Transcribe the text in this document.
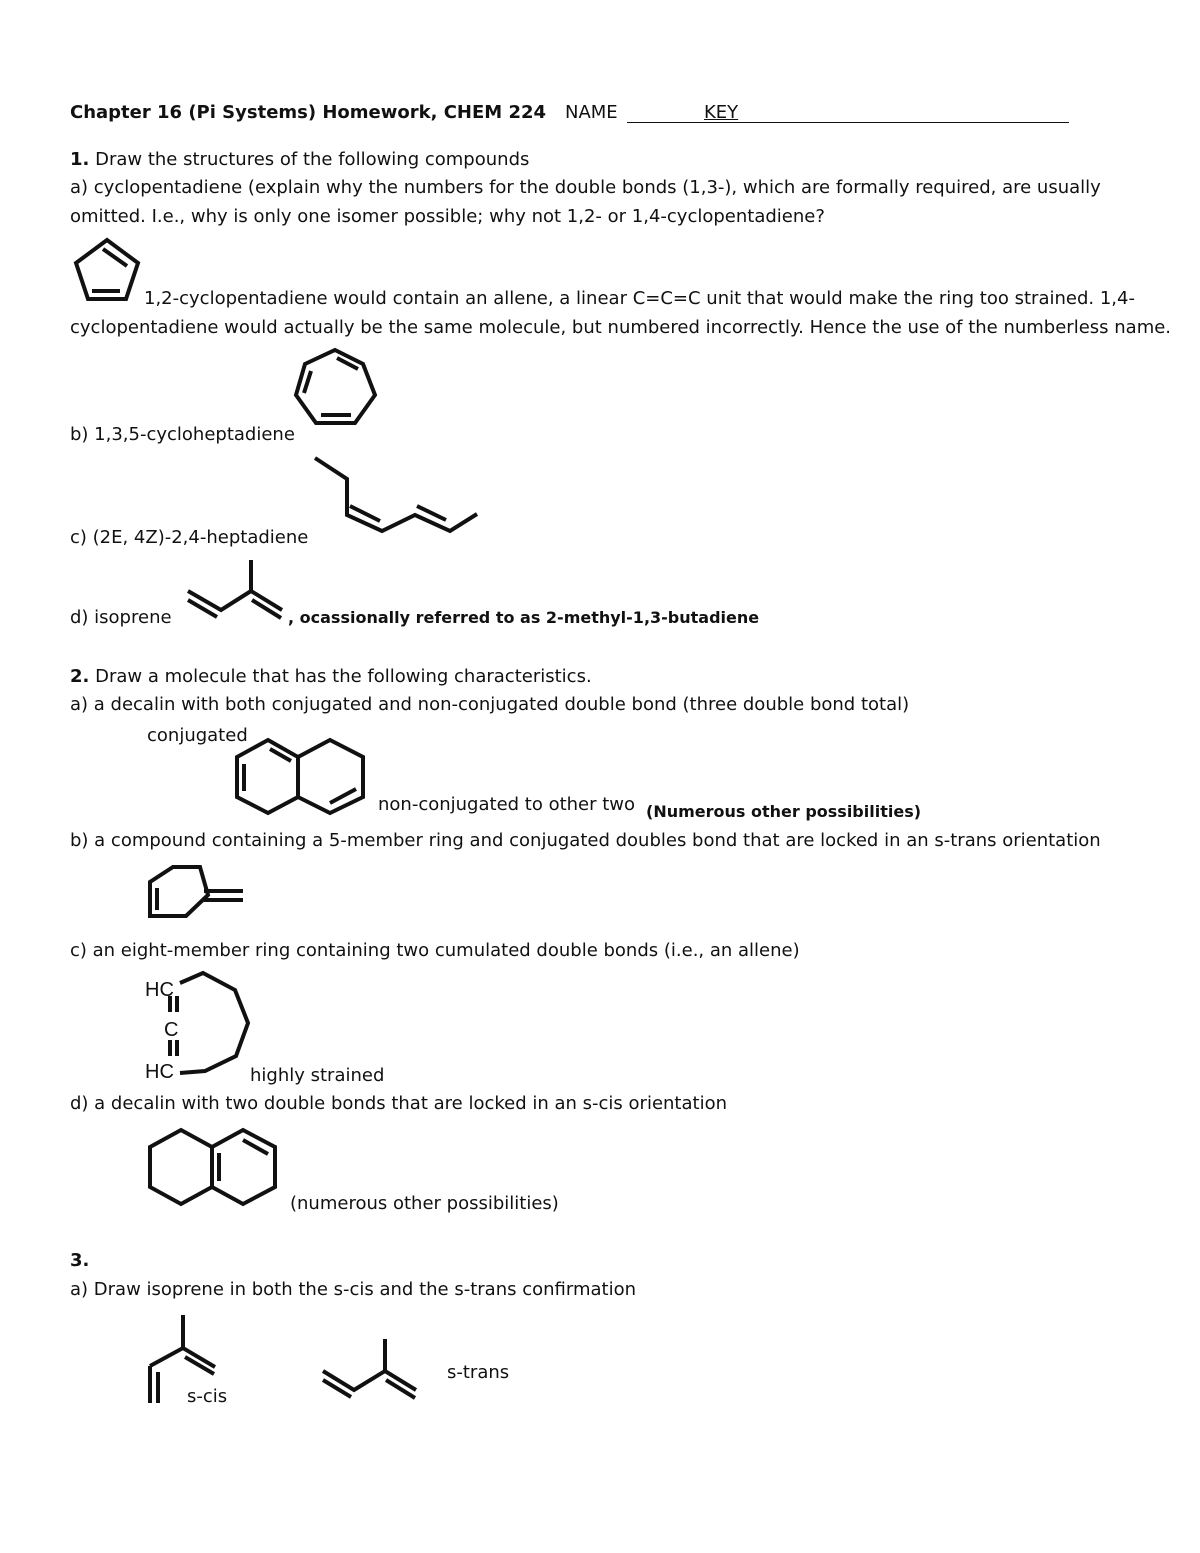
Chapter 16 (Pi Systems) Homework, CHEM 224 NAME	KEY
1. Draw the structures of the following compounds
a) cyclopentadiene (explain why the numbers for the double bonds (1,3-), which are formally required, are usually
omitted. I.e., why is only one isomer possible; why not 1,2- or 1,4-cyclopentadiene?
1,2-cyclopentadiene would contain an allene, a linear C=C=C unit that would make the ring too strained. 1,4-
cyclopentadiene would actually be the same molecule, but numbered incorrectly. Hence the use of the numberless name.
b) 1,3,5-cycloheptadiene
c) (2E, 4Z)-2,4-heptadiene
d) isoprene	, ocassionally referred to as 2-methyl-1,3-butadiene
2. Draw a molecule that has the following characteristics.
a) a decalin with both conjugated and non-conjugated double bond (three double bond total)
conjugated
non-conjugated to other two (Numerous other possibilities)
b) a compound containing a 5-member ring and conjugated doubles bond that are locked in an s-trans orientation
c) an eight-member ring containing two cumulated double bonds (i.e., an allene)
HC
C
HC	highly strained
d) a decalin with two double bonds that are locked in an s-cis orientation
(numerous other possibilities)
3.
a) Draw isoprene in both the s-cis and the s-trans confirmation
s-cis
s-trans
